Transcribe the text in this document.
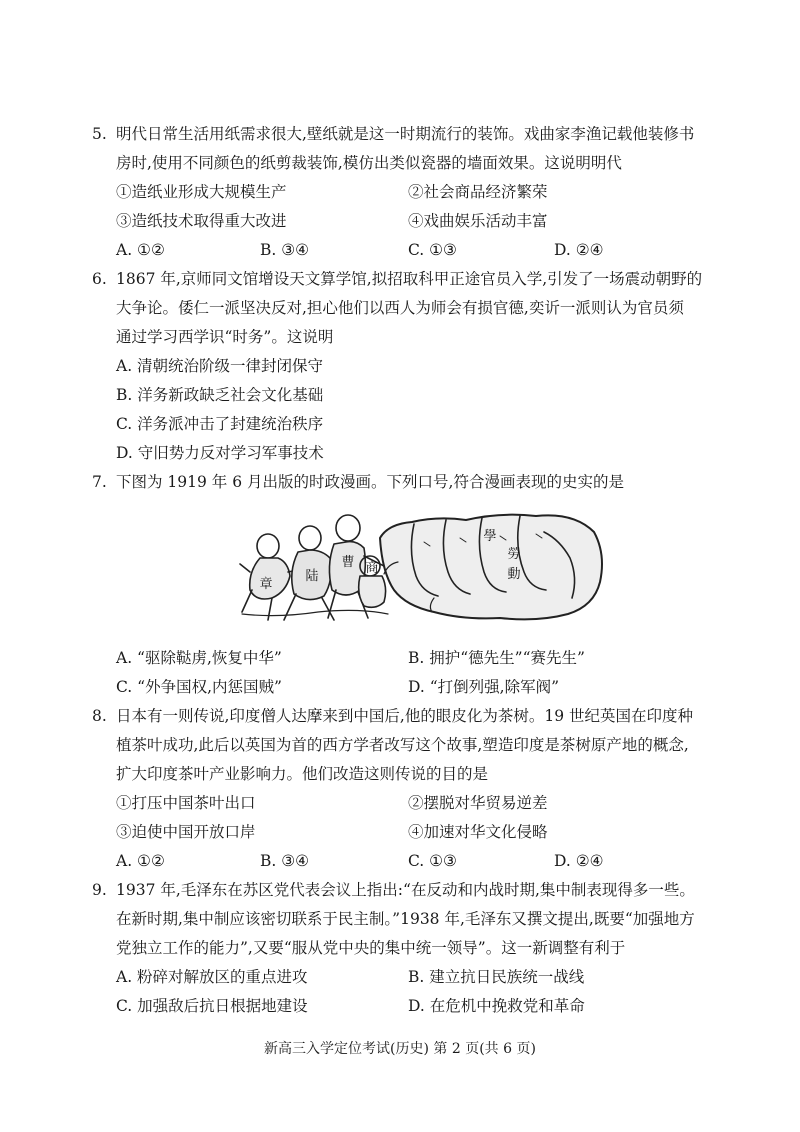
5. 明代日常生活用纸需求很大,壁纸就是这一时期流行的装饰。戏曲家李渔记载他装修书
房时,使用不同颜色的纸剪裁装饰,模仿出类似瓷器的墙面效果。这说明明代
①造纸业形成大规模生产	②社会商品经济繁荣
③造纸技术取得重大改进	④戏曲娱乐活动丰富
A. ①②	B. ③④	C. ①③	D. ②④
6. 1867 年,京师同文馆增设天文算学馆,拟招取科甲正途官员入学,引发了一场震动朝野的
大争论。倭仁一派坚决反对,担心他们以西人为师会有损官德,奕䜣一派则认为官员须
通过学习西学识“时务”。这说明
A. 清朝统治阶级一律封闭保守
B. 洋务新政缺乏社会文化基础
C. 洋务派冲击了封建统治秩序
D. 守旧势力反对学习军事技术
7. 下图为 1919 年 6 月出版的时政漫画。下列口号,符合漫画表现的史实的是
章
陆
曹 商
學
勞
動
A. “驱除鞑虏,恢复中华”	B. 拥护“德先生”“赛先生”
C. “外争国权,内惩国贼”	D. “打倒列强,除军阀”
8. 日本有一则传说,印度僧人达摩来到中国后,他的眼皮化为茶树。19 世纪英国在印度种
植茶叶成功,此后以英国为首的西方学者改写这个故事,塑造印度是茶树原产地的概念,
扩大印度茶叶产业影响力。他们改造这则传说的目的是
①打压中国茶叶出口	②摆脱对华贸易逆差
③迫使中国开放口岸	④加速对华文化侵略
A. ①②	B. ③④	C. ①③	D. ②④
9. 1937 年,毛泽东在苏区党代表会议上指出:“在反动和内战时期,集中制表现得多一些。
在新时期,集中制应该密切联系于民主制。”1938 年,毛泽东又撰文提出,既要“加强地方
党独立工作的能力”,又要“服从党中央的集中统一领导”。这一新调整有利于
A. 粉碎对解放区的重点进攻	B. 建立抗日民族统一战线
C. 加强敌后抗日根据地建设	D. 在危机中挽救党和革命
新高三入学定位考试(历史) 第 2 页(共 6 页)
